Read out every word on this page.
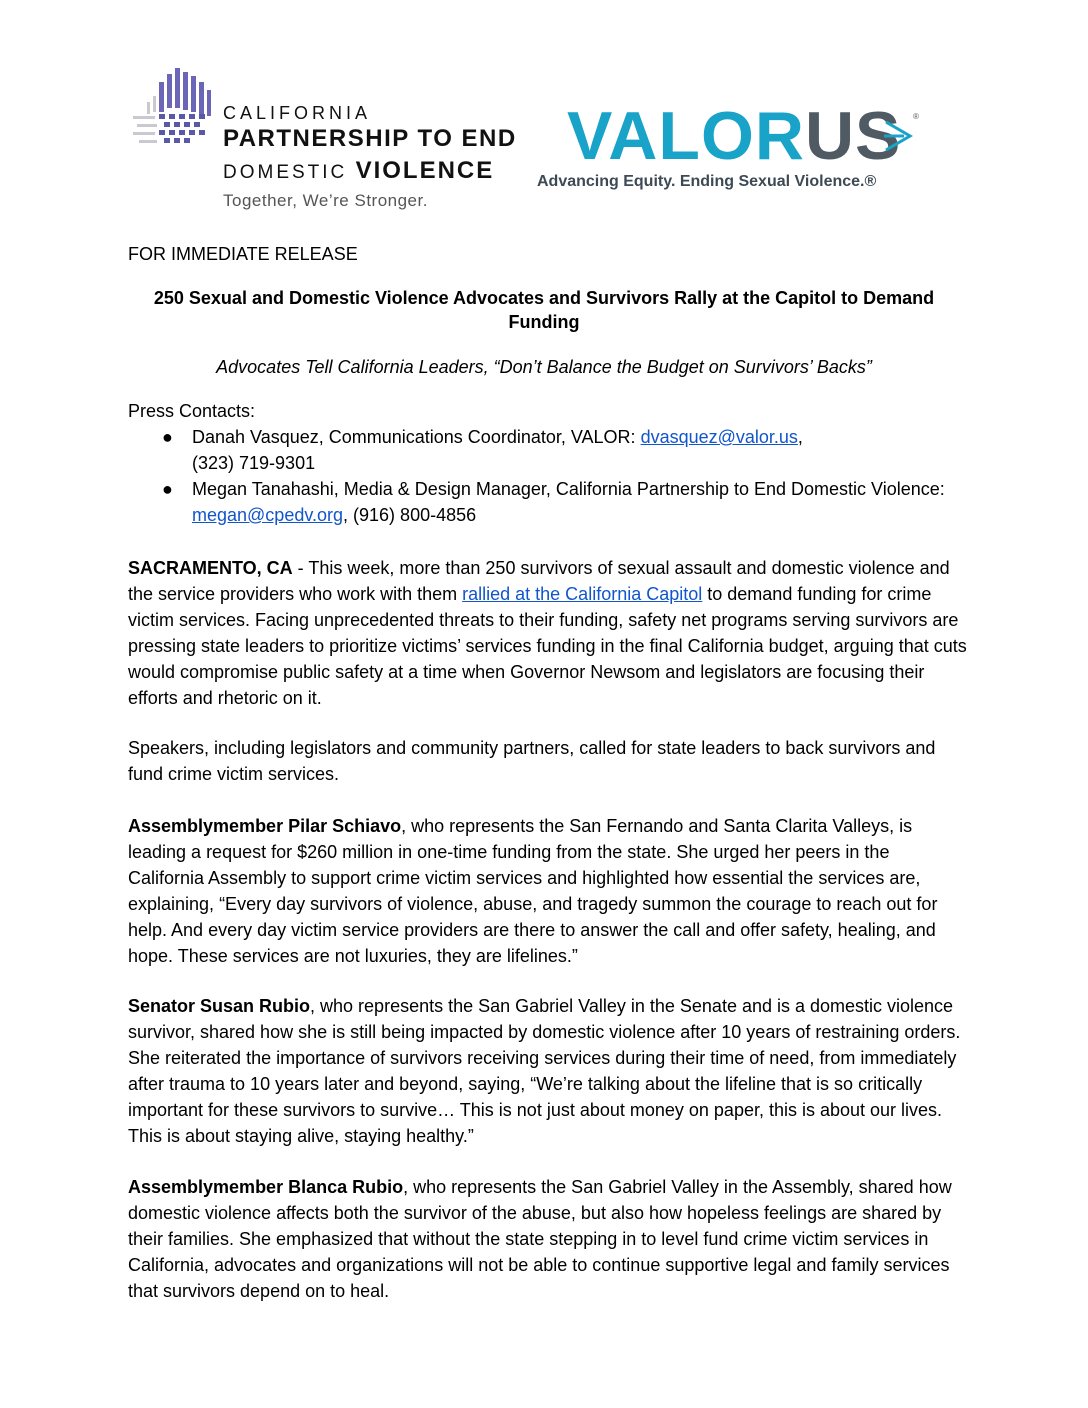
CALIFORNIA
PARTNERSHIP TO END
DOMESTIC VIOLENCE
Together, We’re Stronger.
VALORUS ®
Advancing Equity. Ending Sexual Violence.®
FOR IMMEDIATE RELEASE
250 Sexual and Domestic Violence Advocates and Survivors Rally at the Capitol to Demand Funding
Advocates Tell California Leaders, “Don’t Balance the Budget on Survivors’ Backs”
Press Contacts:
● Danah Vasquez, Communications Coordinator, VALOR: dvasquez@valor.us,
(323) 719-9301
● Megan Tanahashi, Media & Design Manager, California Partnership to End Domestic Violence: megan@cpedv.org, (916) 800-4856
SACRAMENTO, CA - This week, more than 250 survivors of sexual assault and domestic violence and the service providers who work with them rallied at the California Capitol to demand funding for crime victim services. Facing unprecedented threats to their funding, safety net programs serving survivors are pressing state leaders to prioritize victims’ services funding in the final California budget, arguing that cuts would compromise public safety at a time when Governor Newsom and legislators are focusing their efforts and rhetoric on it.
Speakers, including legislators and community partners, called for state leaders to back survivors and fund crime victim services.
Assemblymember Pilar Schiavo, who represents the San Fernando and Santa Clarita Valleys, is leading a request for $260 million in one-time funding from the state. She urged her peers in the California Assembly to support crime victim services and highlighted how essential the services are, explaining, “Every day survivors of violence, abuse, and tragedy summon the courage to reach out for help. And every day victim service providers are there to answer the call and offer safety, healing, and hope. These services are not luxuries, they are lifelines.”
Senator Susan Rubio, who represents the San Gabriel Valley in the Senate and is a domestic violence survivor, shared how she is still being impacted by domestic violence after 10 years of restraining orders. She reiterated the importance of survivors receiving services during their time of need, from immediately after trauma to 10 years later and beyond, saying, “We’re talking about the lifeline that is so critically important for these survivors to survive… This is not just about money on paper, this is about our lives. This is about staying alive, staying healthy.”
Assemblymember Blanca Rubio, who represents the San Gabriel Valley in the Assembly, shared how domestic violence affects both the survivor of the abuse, but also how hopeless feelings are shared by their families. She emphasized that without the state stepping in to level fund crime victim services in California, advocates and organizations will not be able to continue supportive legal and family services that survivors depend on to heal.
